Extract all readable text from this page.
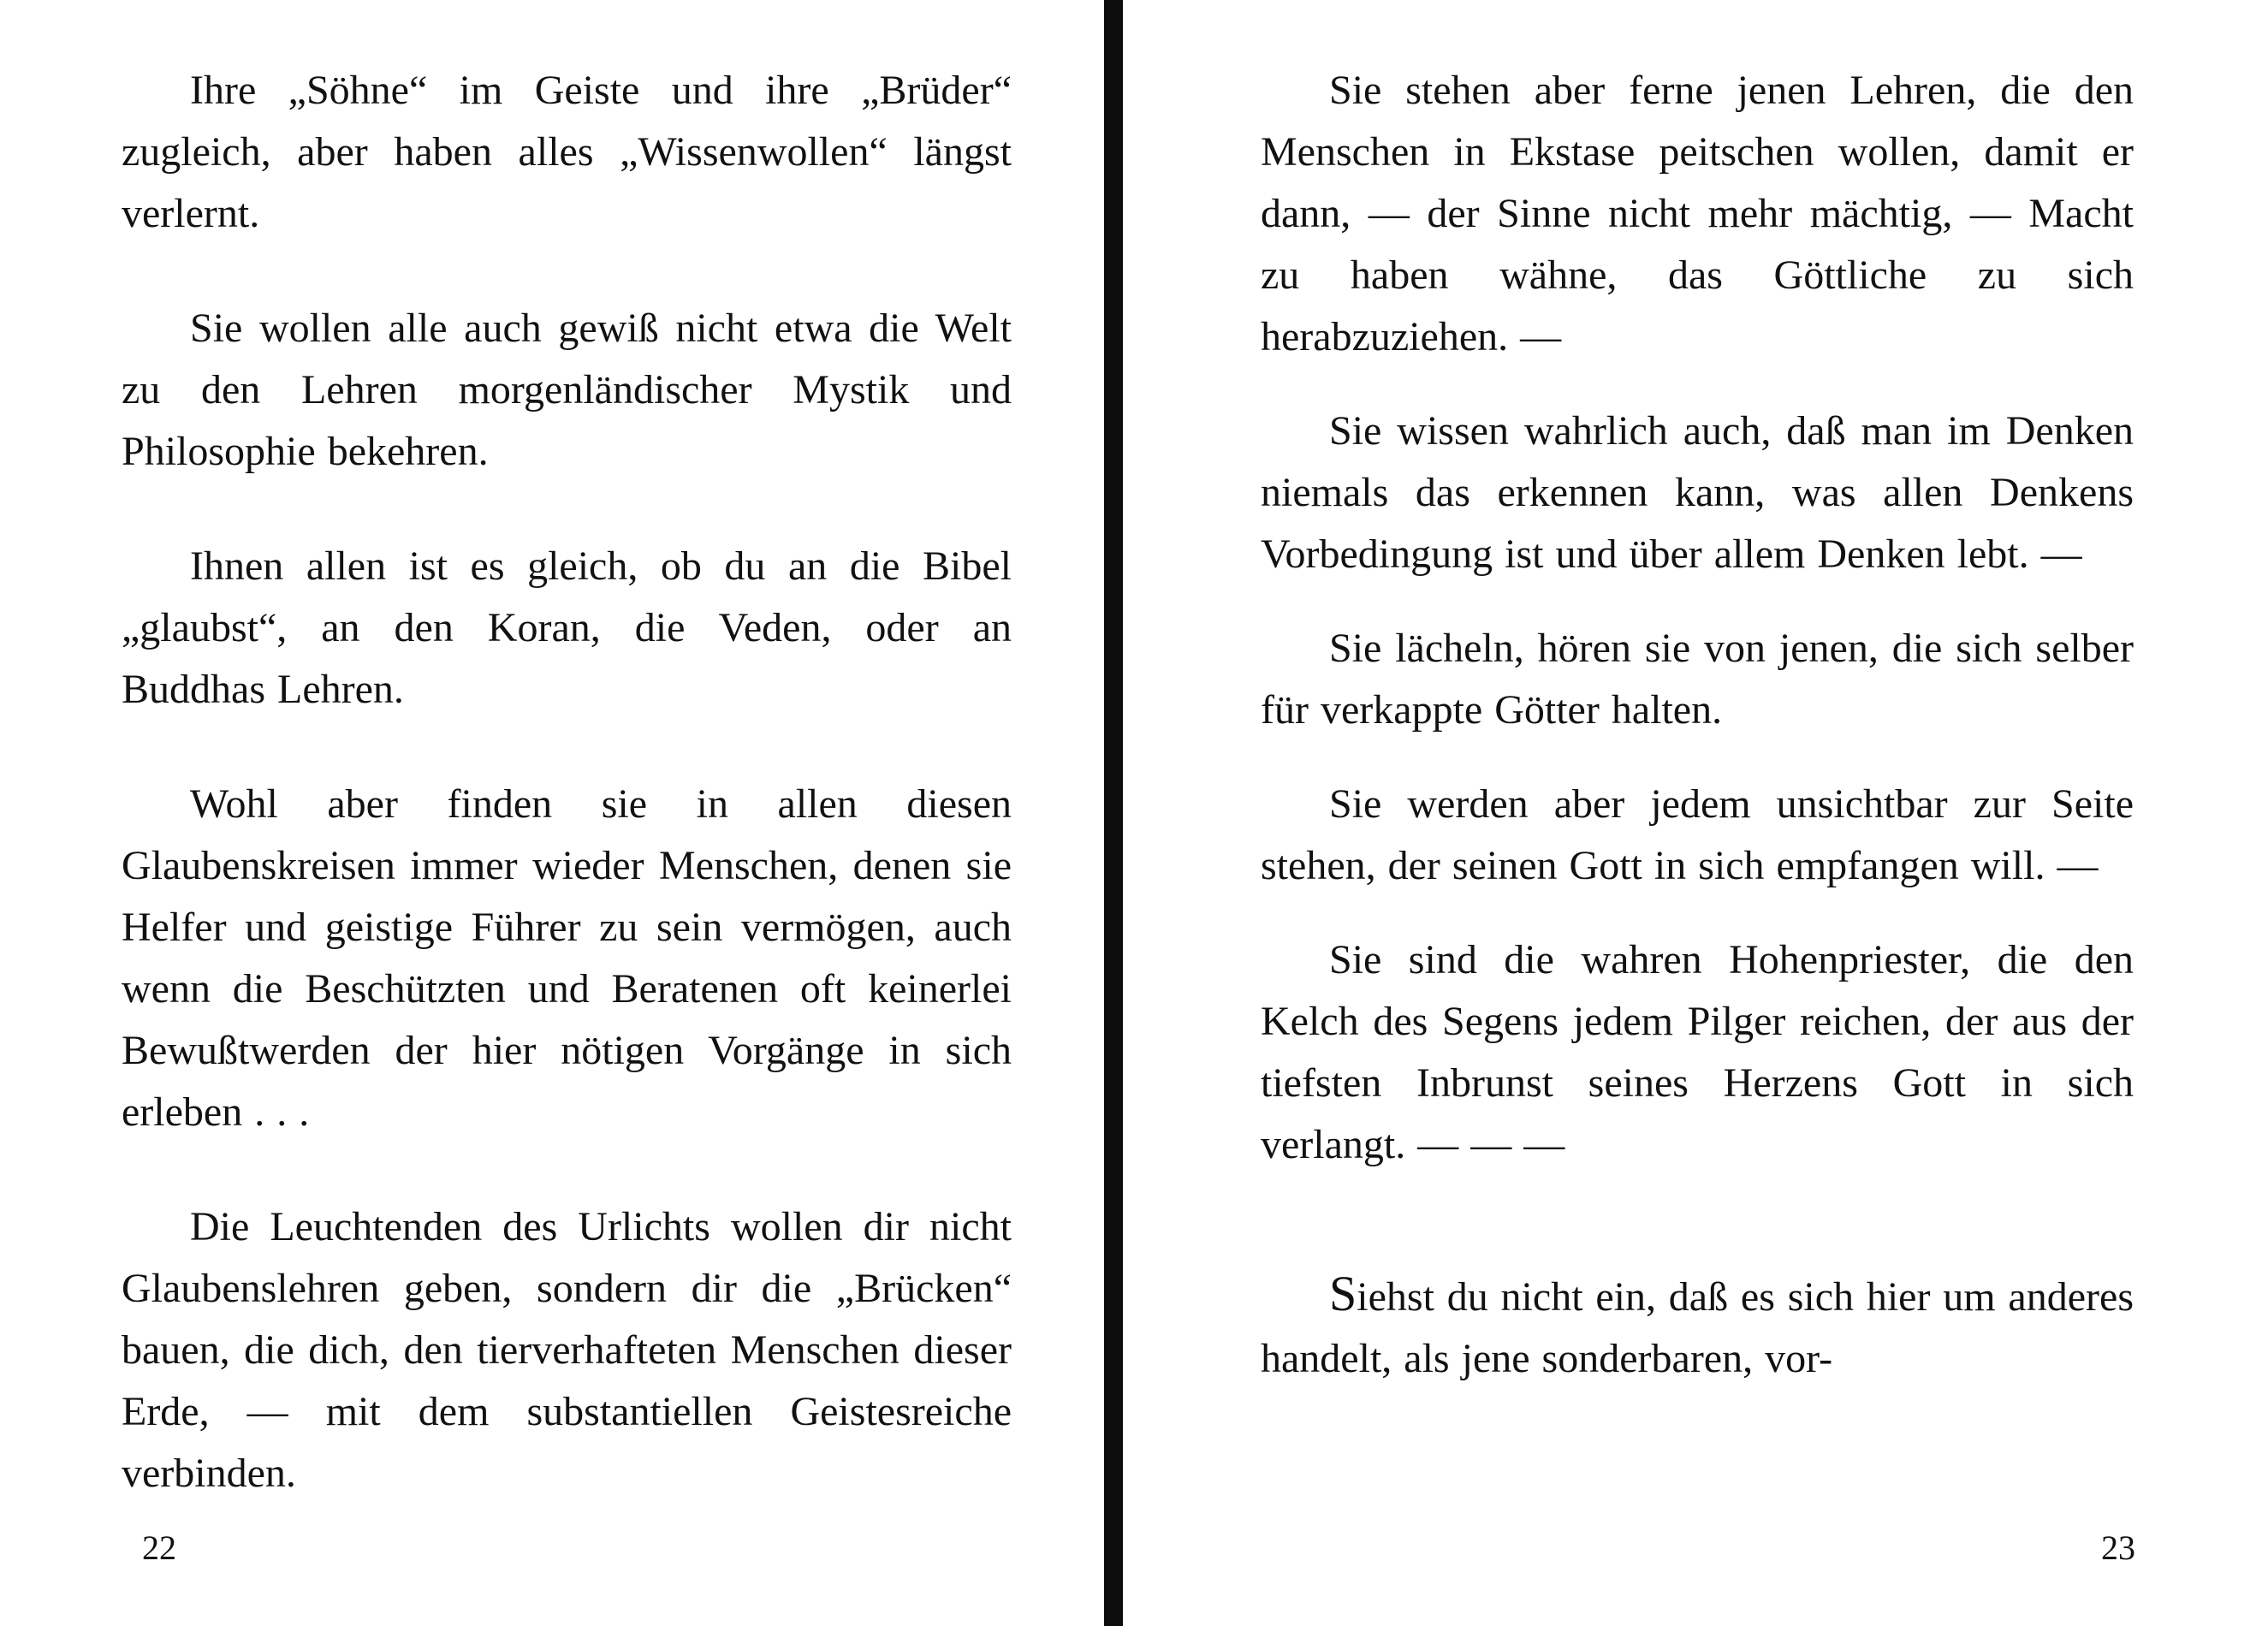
Ihre „Söhne“ im Geiste und ihre „Brüder“ zugleich, aber haben alles „Wissenwollen“ längst verlernt.

Sie wollen alle auch gewiß nicht etwa die Welt zu den Lehren morgenländischer Mystik und Philosophie bekehren.

Ihnen allen ist es gleich, ob du an die Bibel „glaubst“, an den Koran, die Veden, oder an Buddhas Lehren.

Wohl aber finden sie in allen diesen Glaubenskreisen immer wieder Menschen, denen sie Helfer und geistige Führer zu sein vermögen, auch wenn die Beschützten und Beratenen oft keinerlei Bewußtwerden der hier nötigen Vorgänge in sich erleben . . .

Die Leuchtenden des Urlichts wollen dir nicht Glaubenslehren geben, sondern dir die „Brücken“ bauen, die dich, den tierverhafteten Menschen dieser Erde, — mit dem substantiellen Geistesreiche verbinden.

22

Sie stehen aber ferne jenen Lehren, die den Menschen in Ekstase peitschen wollen, damit er dann, — der Sinne nicht mehr mächtig, — Macht zu haben wähne, das Göttliche zu sich herabzuziehen. —

Sie wissen wahrlich auch, daß man im Denken niemals das erkennen kann, was allen Denkens Vorbedingung ist und über allem Denken lebt. —

Sie lächeln, hören sie von jenen, die sich selber für verkappte Götter halten.

Sie werden aber jedem unsichtbar zur Seite stehen, der seinen Gott in sich empfangen will. —

Sie sind die wahren Hohenpriester, die den Kelch des Segens jedem Pilger reichen, der aus der tiefsten Inbrunst seines Herzens Gott in sich verlangt. — — —

Siehst du nicht ein, daß es sich hier um anderes handelt, als jene sonderbaren, vor-

23
